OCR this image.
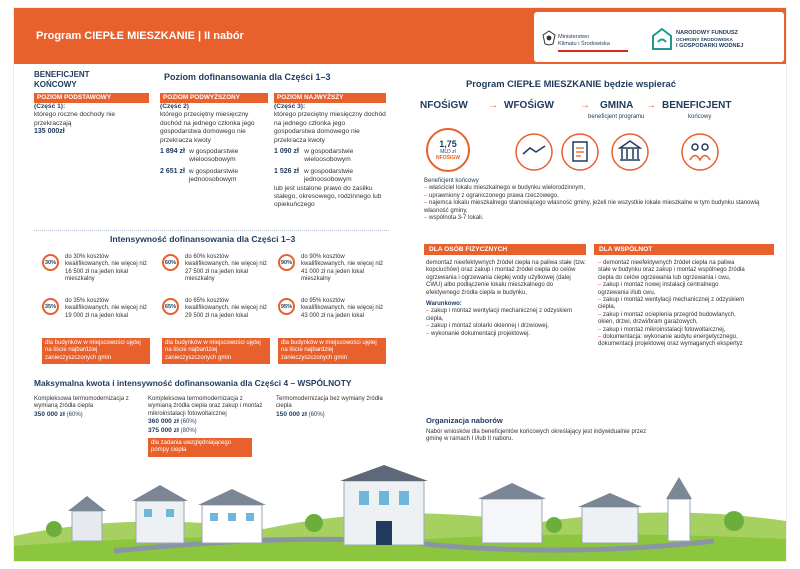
Program CIEPŁE MIESZKANIE | II nabór	Ministerstwo
Klimatu i Środowiska
NARODOWY FUNDUSZ
OCHRONY ŚRODOWISKA
I GOSPODARKI WODNEJ
BENEFICJENT KOŃCOWY
Poziom dofinansowania dla Części 1–3
POZIOM PODSTAWOWY
(Część 1):
którego roczne dochody nie przekraczają
135 000zł
POZIOM PODWYŻSZONY
(Część 2)
którego przeciętny miesięczny dochód na jednego członka jego gospodarstwa domowego nie przekracza kwoty
1 894 zł w gospodarstwie wieloosobowym
2 651 zł w gospodarstwie jednoosobowym
POZIOM NAJWYŻSZY
(Część 3):
którego przeciętny miesięczny dochód na jednego członka jego gospodarstwa domowego nie przekracza kwoty
1 090 zł w gospodarstwie wieloosobowym
1 526 zł w gospodarstwie jednoosobowym
lub jest ustalone prawo do zasiłku stałego, okresowego, rodzinnego lub opiekuńczego
Intensywność dofinansowania dla Części 1–3
30%
do 30% kosztów kwalifikowanych, nie więcej niż 16 500 zł na jeden lokal mieszkalny
60%
do 60% kosztów kwalifikowanych, nie więcej niż 27 500 zł na jeden lokal mieszkalny
90%
do 90% kosztów kwalifikowanych, nie więcej niż 41 000 zł na jeden lokal mieszkalny
35%
do 35% kosztów kwalifikowanych, nie więcej niż 19 000 zł na jeden lokal
65%
do 65% kosztów kwalifikowanych, nie więcej niż 29 500 zł na jeden lokal
95%
do 95% kosztów kwalifikowanych, nie więcej niż 43 000 zł na jeden lokal
dla budynków w miejscowości ujętej na liście najbardziej zanieczyszczonych gmin
dla budynków w miejscowości ujętej na liście najbardziej zanieczyszczonych gmin
dla budynków w miejscowości ujętej na liście najbardziej zanieczyszczonych gmin
Maksymalna kwota i intensywność dofinansowania dla Części 4 – WSPÓLNOTY
Kompleksowa termomodernizacja z wymianą źródła ciepła
350 000 zł (60%)
Kompleksowa termomodernizacja z wymianą źródła ciepła oraz zakup i montaż mikroinstalacji fotowoltaicznej
360 000 zł (60%)
375 000 zł (80%)
dla zadania uwzględniającego pompy ciepła
Termomodernizacja bez wymiany źródła ciepła
150 000 zł (60%)
Program CIEPŁE MIESZKANIE będzie wspierać
NFOŚiGW → WFOŚiGW	→ GMINA
beneficjent programu
→ BENEFICJENT
końcowy
1,75
MLD zł
NFOŚiGW
Beneficjent końcowy
– właściciel lokalu mieszkalnego w budynku wielorodzinnym,
– uprawniony z ograniczonego prawa rzeczowego,
– najemca lokalu mieszkalnego stanowiącego własność gminy, jeżeli nie wszystkie lokale mieszkalne w tym budynku stanowią własność gminy,
– wspólnota 3-7 lokali.
DLA OSÓB FIZYCZNYCH
demontaż nieefektywnych źródeł ciepła na paliwa stałe (tzw. kopciuchów) oraz zakup i montaż źródeł ciepła do celów ogrzewania i ogrzewania ciepłej wody użytkowej (dalej CWU) albo podłączenie lokalu mieszkalnego do efektywnego źródła ciepła w budynku,
Warunkowo:
– zakup i montaż wentylacji mechanicznej z odzyskiem ciepła,
– zakup i montaż stolarki okiennej i drzwiowej,
– wykonanie dokumentacji projektowej.
DLA WSPÓLNOT
– demontaż nieefektywnych źródeł ciepła na paliwa stałe w budynku oraz zakup i montaż wspólnego źródła ciepła do celów ogrzewania lub ogrzewania i cwu,
– zakup i montaż nowej instalacji centralnego ogrzewania i/lub cwu,
– zakup i montaż wentylacji mechanicznej z odzyskiem ciepła,
– zakup i montaż ocieplenia przegród budowlanych, okien, drzwi, drzwi/bram garażowych,
– zakup i montaż mikroinstalacji fotowoltaicznej,
– dokumentacja: wykonanie audytu energetycznego, dokumentacji projektowej oraz wymaganych ekspertyz
Organizacja naborów
Nabór wniosków dla beneficjentów końcowych określający jest indywidualnie przez gminę w ramach I i/lub II naboru.
